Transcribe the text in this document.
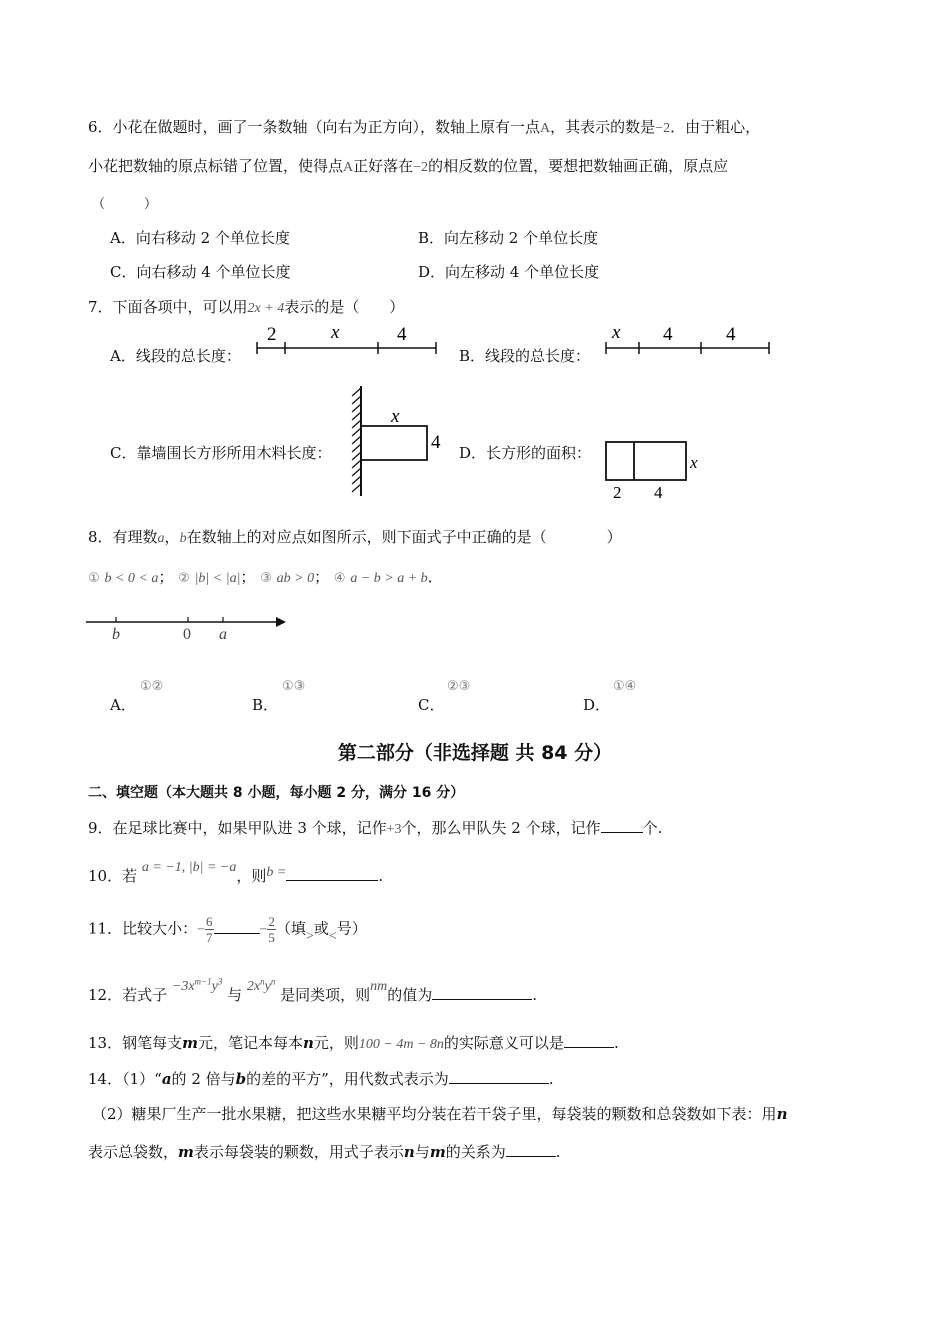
6．小花在做题时，画了一条数轴（向右为正方向），数轴上原有一点A，其表示的数是−2．由于粗心，
小花把数轴的原点标错了位置，使得点A正好落在−2的相反数的位置，要想把数轴画正确，原点应
（　　　）
A．向右移动 2 个单位长度	B．向左移动 2 个单位长度
C．向右移动 4 个单位长度	D．向左移动 4 个单位长度
7．下面各项中，可以用2x + 4表示的是（　　）
A．线段的总长度：
2	x	4
B．线段的总长度：
x 4	4
C．靠墙围长方形所用木料长度：
x
4 D．长方形的面积：	x
2 4
8．有理数a，b在数轴上的对应点如图所示，则下面式子中正确的是（　　　　）
① b < 0 < a； ② |b| < |a|； ③ ab > 0； ④ a − b > a + b．
b	0 a
A．
①②
B．
①③
C．
②③
D．
①④
第二部分（非选择题 共 84 分）
二、填空题（本大题共 8 小题，每小题 2 分，满分 16 分）
9．在足球比赛中，如果甲队进 3 个球，记作+3个，那么甲队失 2 个球，记作	个.
10．若 a = −1, |b| = −a，则b =	.
11．比较大小：− $\frac{6}{7}$	− $\frac{2}{5}$ （填>或<号）
12．若式子 $-3x^{m-1}y^3$ 与 $2x^ny^n$ 是同类项，则nm的值为	.
13．钢笔每支m元，笔记本每本n元，则100 − 4m − 8n的实际意义可以是	.
14．（1）“a的 2 倍与b的差的平方”，用代数式表示为	.
（2）糖果厂生产一批水果糖，把这些水果糖平均分装在若干袋子里，每袋装的颗数和总袋数如下表：用n
表示总袋数，m表示每袋装的颗数，用式子表示n与m的关系为	.
